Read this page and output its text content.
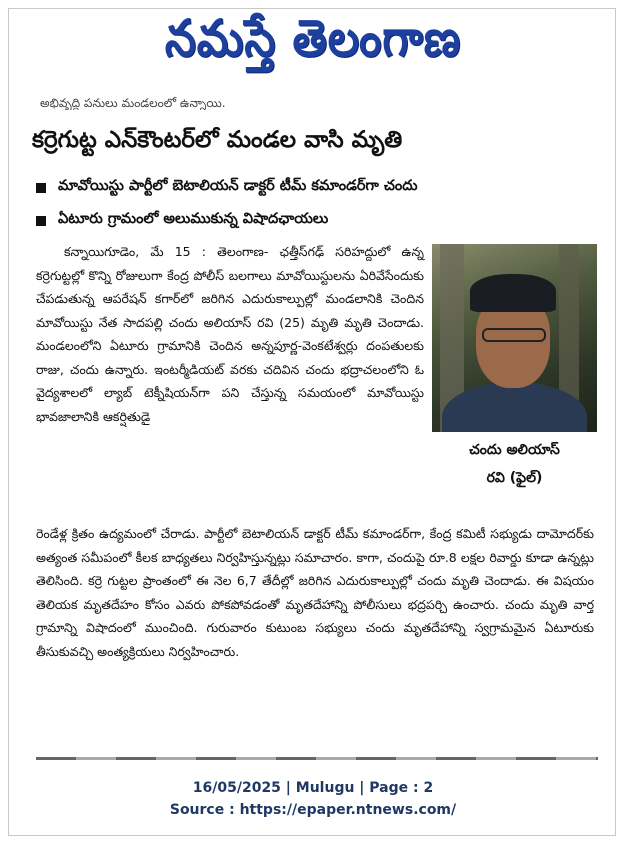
నమస్తే తెలంగాణ
అభివృద్ధి పనులు మండలంలో ఉన్నాయి.
కర్రెగుట్ట ఎన్‌కౌంటర్‌లో మండల వాసి మృతి
మావోయిస్టు పార్టీలో బెటాలియన్ డాక్టర్ టీమ్ కమాండర్‌గా చందు
ఏటూరు గ్రామంలో అలుముకున్న విషాదఛాయలు

కన్నాయిగూడెం, మే 15 : తెలంగాణ- ఛత్తీస్‌గఢ్ సరిహద్దులో ఉన్న కర్రెగుట్టల్లో కొన్ని రోజులుగా కేంద్ర పోలీస్ బలగాలు మావోయిస్టులను ఏరివేసేందుకు చేపడుతున్న ఆపరేషన్ కగార్‌లో జరిగిన ఎదురుకాల్పుల్లో మండలానికి చెందిన మావోయిస్టు నేత సాదపల్లి చందు అలియాస్ రవి (25) మృతి మృతి చెందాడు. మండలంలోని ఏటూరు గ్రామానికి చెందిన అన్నపూర్ణ-వెంకటేశ్వర్లు దంపతులకు రాజు, చందు ఉన్నారు. ఇంటర్మీడియట్ వరకు చదివిన చందు భద్రాచలంలోని ఓ వైద్యశాలలో ల్యాబ్ టెక్నీషియన్‌గా పని చేస్తున్న సమయంలో మావోయిస్టు భావజాలానికి ఆకర్షితుడై

చందు అలియాస్
రవి (ఫైల్)

రెండేళ్ల క్రితం ఉద్యమంలో చేరాడు. పార్టీలో బెటాలియన్ డాక్టర్ టీమ్ కమాండర్‌గా, కేంద్ర కమిటీ సభ్యుడు దామోదర్‌కు అత్యంత సమీపంలో కీలక బాధ్యతలు నిర్వహిస్తున్నట్లు సమాచారం. కాగా, చందుపై రూ.8 లక్షల రివార్డు కూడా ఉన్నట్లు తెలిసింది. కర్రె గుట్టల ప్రాంతంలో ఈ నెల 6,7 తేదీల్లో జరిగిన ఎదురుకాల్పుల్లో చందు మృతి చెందాడు. ఈ విషయం తెలియక మృతదేహం కోసం ఎవరు పోకపోవడంతో మృతదేహాన్ని పోలీసులు భద్రపర్చి ఉంచారు. చందు మృతి వార్త గ్రామాన్ని విషాదంలో ముంచింది. గురువారం కుటుంబ సభ్యులు చందు మృతదేహాన్ని స్వగ్రామమైన ఏటూరుకు తీసుకువచ్చి అంత్యక్రియలు నిర్వహించారు.

16/05/2025 | Mulugu | Page : 2
Source : https://epaper.ntnews.com/
